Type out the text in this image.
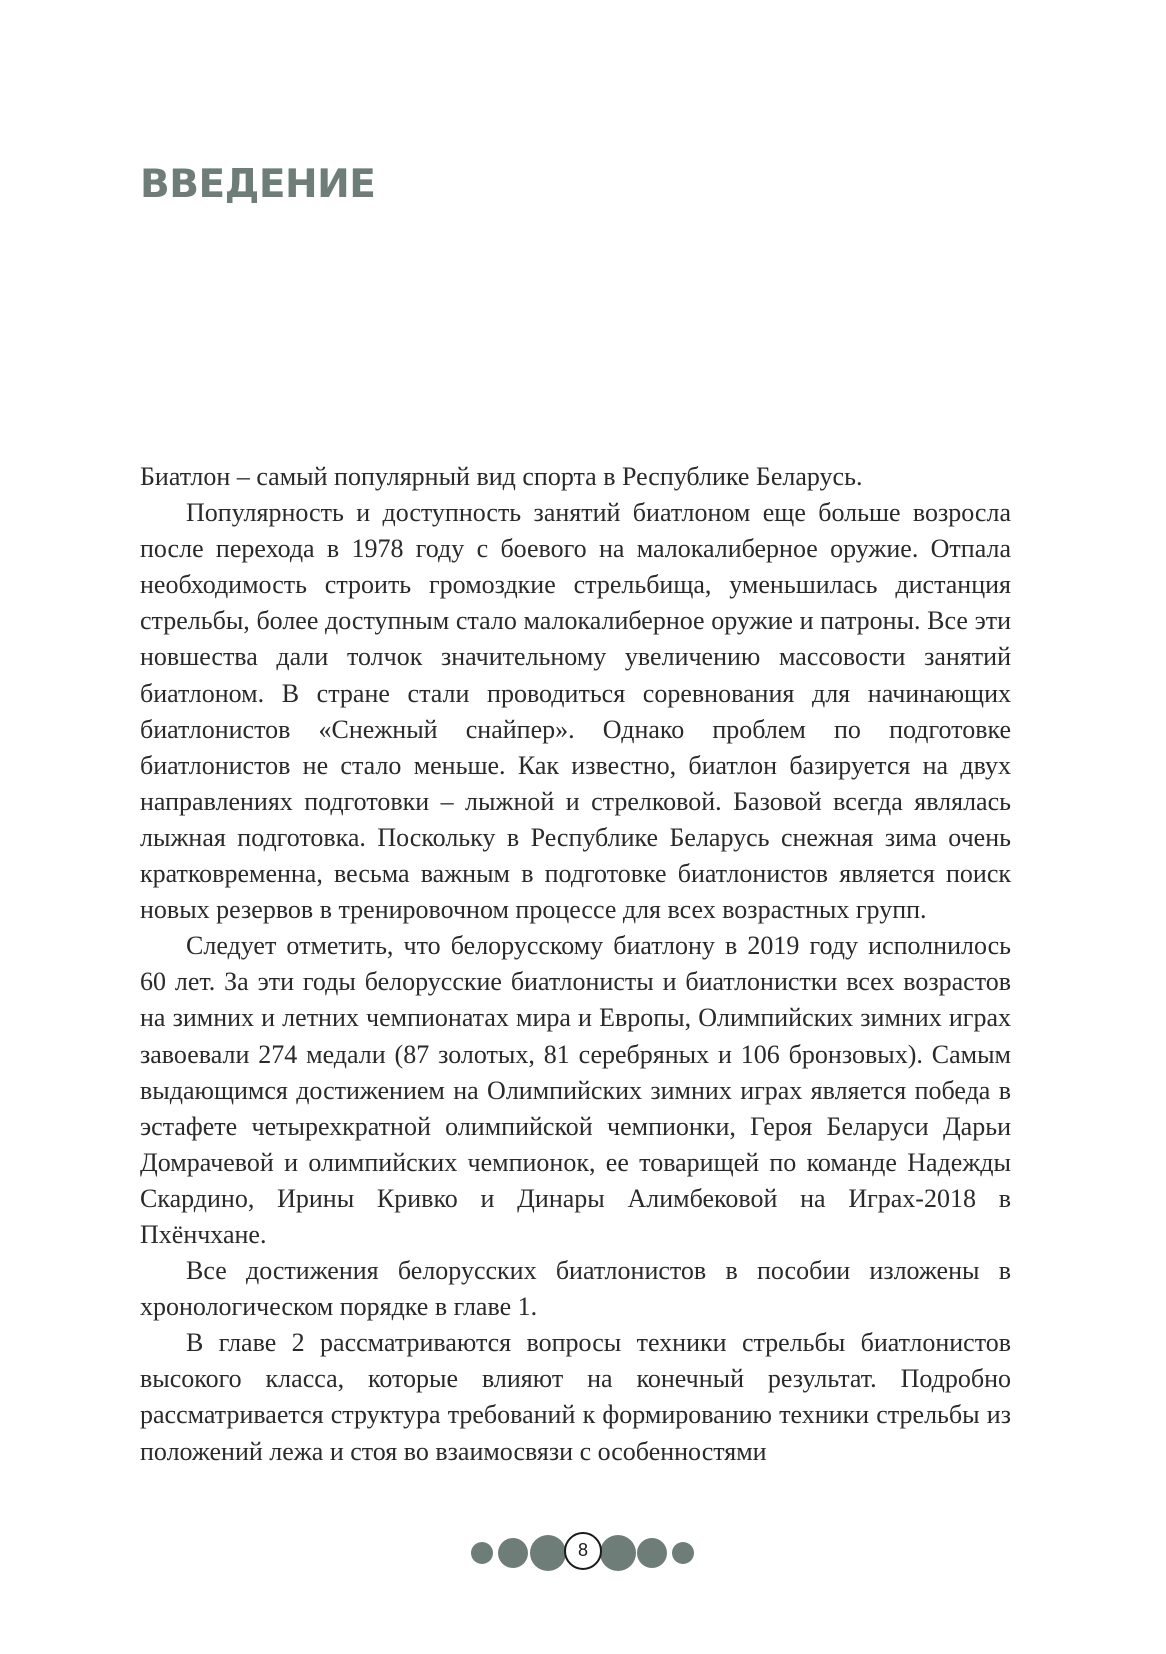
ВВЕДЕНИЕ

Биатлон – самый популярный вид спорта в Республике Беларусь.

Популярность и доступность занятий биатлоном еще больше возросла после перехода в 1978 году с боевого на малокалиберное оружие. Отпала необходимость строить громоздкие стрельбища, уменьшилась дистанция стрельбы, более доступным стало малокалиберное оружие и патроны. Все эти новшества дали толчок значительному увеличению массовости занятий биатлоном. В стране стали проводиться соревнования для начинающих биатлонистов «Снежный снайпер». Однако проблем по подготовке биатлонистов не стало меньше. Как известно, биатлон базируется на двух направлениях подготовки – лыжной и стрелковой. Базовой всегда являлась лыжная подготовка. Поскольку в Республике Беларусь снежная зима очень кратковременна, весьма важным в подготовке биатлонистов является поиск новых резервов в тренировочном процессе для всех возрастных групп.

Следует отметить, что белорусскому биатлону в 2019 году исполнилось 60 лет. За эти годы белорусские биатлонисты и биатлонистки всех возрастов на зимних и летних чемпионатах мира и Европы, Олимпийских зимних играх завоевали 274 медали (87 золотых, 81 серебряных и 106 бронзовых). Самым выдающимся достижением на Олимпийских зимних играх является победа в эстафете четырехкратной олимпийской чемпионки, Героя Беларуси Дарьи Домрачевой и олимпийских чемпионок, ее товарищей по команде Надежды Скардино, Ирины Кривко и Динары Алимбековой на Играх-2018 в Пхёнчхане.

Все достижения белорусских биатлонистов в пособии изложены в хронологическом порядке в главе 1.

В главе 2 рассматриваются вопросы техники стрельбы биатлонистов высокого класса, которые влияют на конечный результат. Подробно рассматривается структура требований к формированию техники стрельбы из положений лежа и стоя во взаимосвязи с особенностями

8
